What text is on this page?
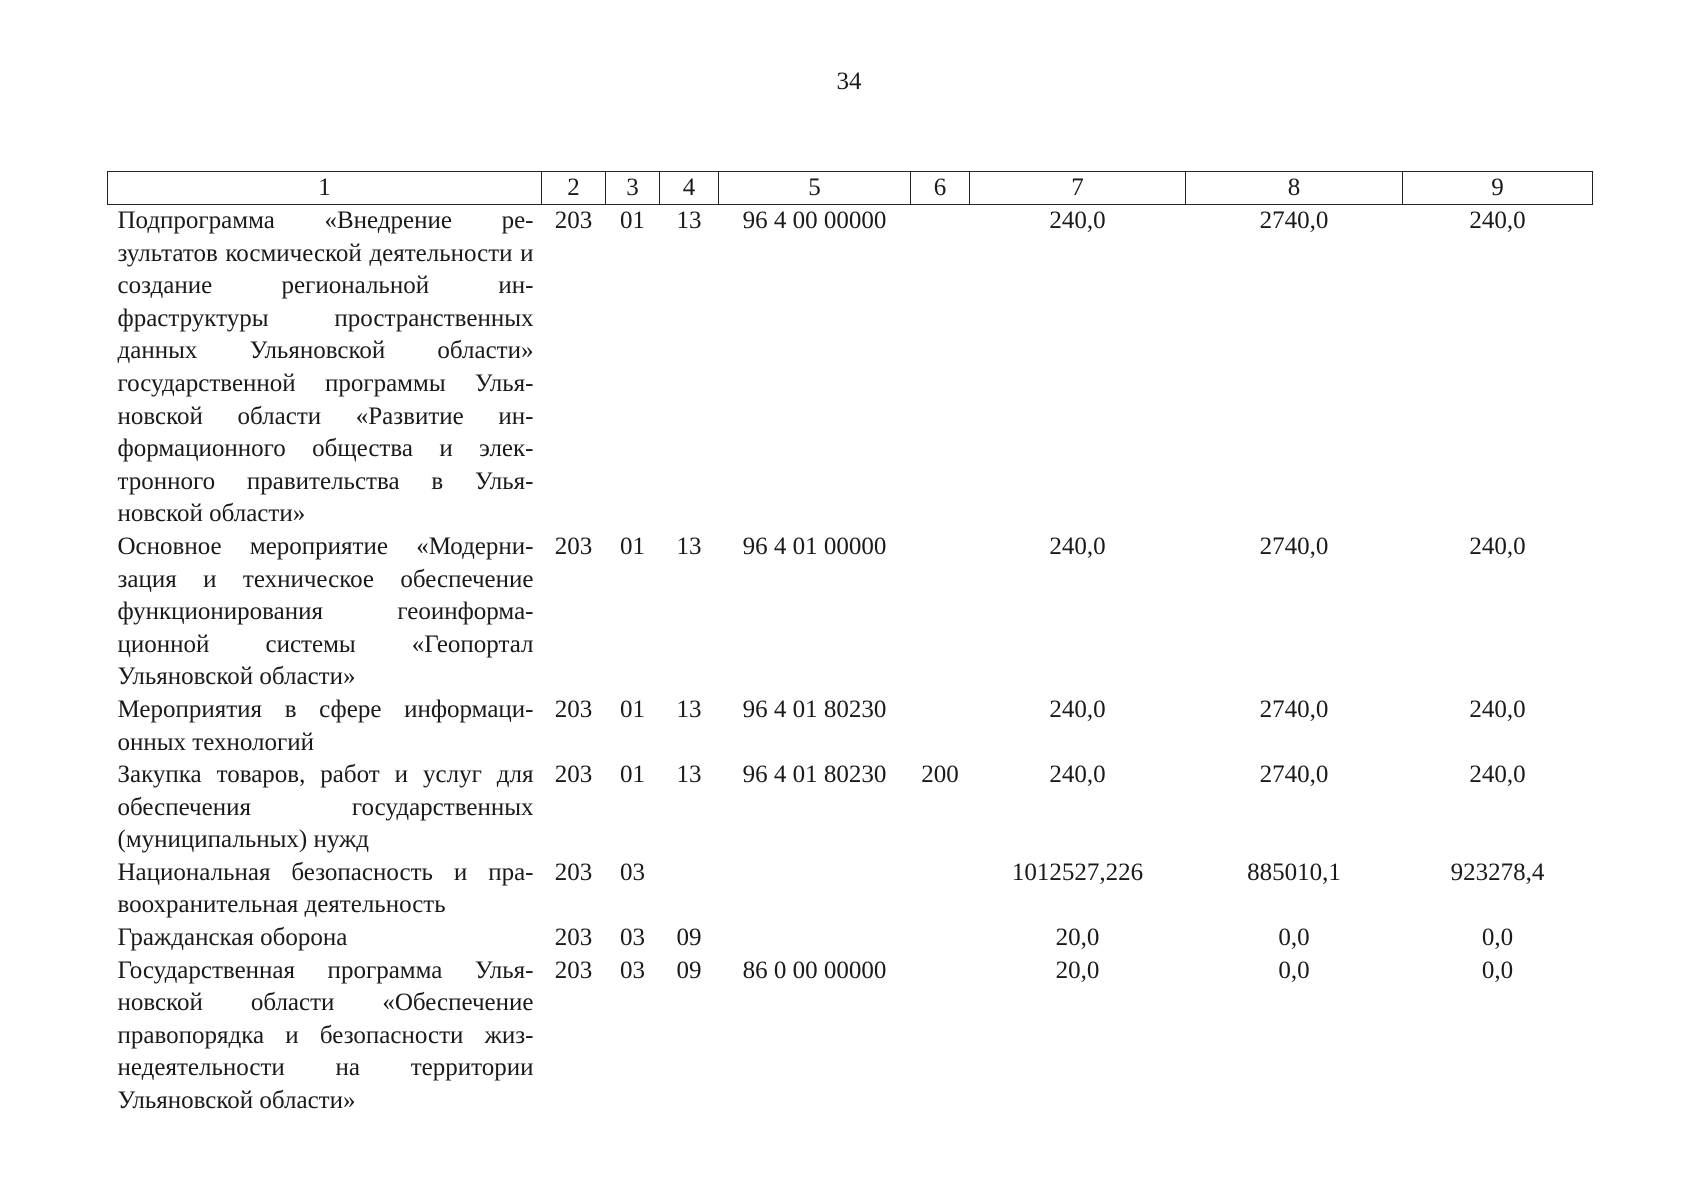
34
1	2	3	4	5	6	7	8	9
Подпрограмма «Внедрение результатов космической деятельности и создание региональной инфраструктуры пространственных данных Ульяновской области» государственной программы Ульяновской области «Развитие информационного общества и электронного правительства в Ульяновской области»	203	01	13	96 4 00 00000		240,0	2740,0	240,0
Основное мероприятие «Модернизация и техническое обеспечение функционирования геоинформационной системы «Геопортал Ульяновской области»	203	01	13	96 4 01 00000		240,0	2740,0	240,0
Мероприятия в сфере информационных технологий	203	01	13	96 4 01 80230		240,0	2740,0	240,0
Закупка товаров, работ и услуг для обеспечения государственных (муниципальных) нужд	203	01	13	96 4 01 80230	200	240,0	2740,0	240,0
Национальная безопасность и правоохранительная деятельность	203	03				1012527,226	885010,1	923278,4
Гражданская оборона	203	03	09			20,0	0,0	0,0
Государственная программа Ульяновской области «Обеспечение правопорядка и безопасности жизнедеятельности на территории Ульяновской области»	203	03	09	86 0 00 00000		20,0	0,0	0,0
